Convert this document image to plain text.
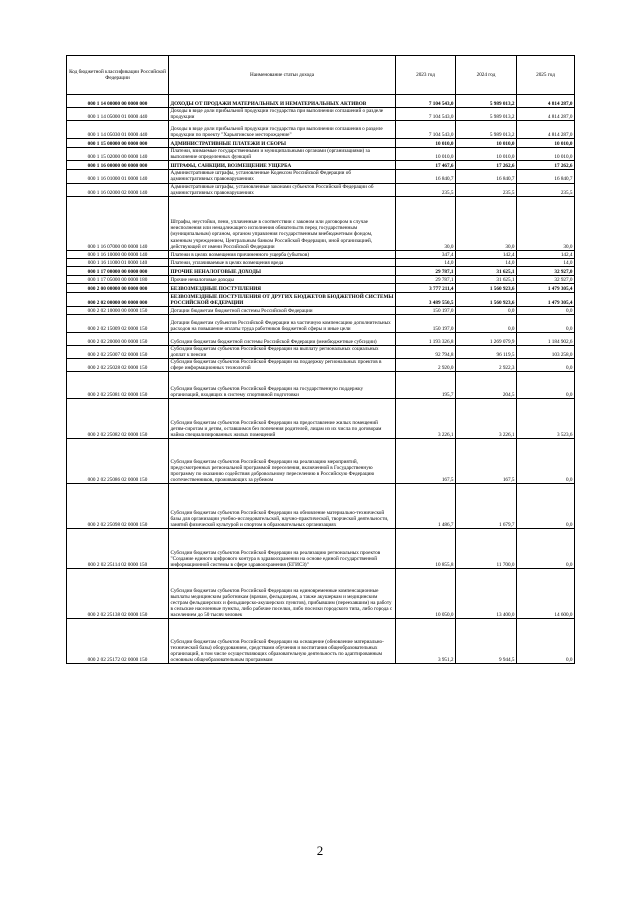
Код бюджетной классификации Российской Федерации	Наименование статьи дохода	2023 год	2024 год	2025 год
000 1 14 00000 00 0000 000	ДОХОДЫ ОТ ПРОДАЖИ МАТЕРИАЛЬНЫХ И НЕМАТЕРИАЛЬНЫХ АКТИВОВ	7 104 543,0	5 989 013,2	4 814 287,0
000 1 14 05000 01 0000 440	Доходы в виде доли прибыльной продукции государства при выполнении соглашений о разделе продукции	7 104 543,0	5 989 013,2	4 814 287,0
000 1 14 05030 01 0000 440	Доходы в виде доли прибыльной продукции государства при выполнении соглашения о разделе продукции по проекту "Харьягинское месторождение"	7 104 543,0	5 989 013,2	4 814 287,0
000 1 15 00000 00 0000 000	АДМИНИСТРАТИВНЫЕ ПЛАТЕЖИ И СБОРЫ	10 010,0	10 010,0	10 010,0
000 1 15 02000 00 0000 140	Платежи, взимаемые государственными и муниципальными органами (организациями) за выполнение определенных функций	10 010,0	10 010,0	10 010,0
000 1 16 00000 00 0000 000	ШТРАФЫ, САНКЦИИ, ВОЗМЕЩЕНИЕ УЩЕРБА	17 467,6	17 262,6	17 262,6
000 1 16 01000 01 0000 140	Административные штрафы, установленные Кодексом Российской Федерации об административных правонарушениях	16 840,7	16 840,7	16 840,7
000 1 16 02000 02 0000 140	Административные штрафы, установленные законами субъектов Российской Федерации об административных правонарушениях	235,5	235,5	235,5
000 1 16 07000 00 0000 140	Штрафы, неустойки, пени, уплаченные в соответствии с законом или договором в случае неисполнения или ненадлежащего исполнения обязательств перед государственным (муниципальным) органом, органом управления государственным внебюджетным фондом, казенным учреждением, Центральным банком Российской Федерации, иной организацией, действующей от имени Российской Федерации	30,0	30,0	30,0
000 1 16 10000 00 0000 140	Платежи в целях возмещения причиненного ущерба (убытков)	347,4	142,4	142,4
000 1 16 11000 01 0000 140	Платежи, уплачиваемые в целях возмещения вреда	14,0	14,0	14,0
000 1 17 00000 00 0000 000	ПРОЧИЕ НЕНАЛОГОВЫЕ ДОХОДЫ	29 787,1	31 625,1	32 927,0
000 1 17 05000 00 0000 180	Прочие неналоговые доходы	29 787,1	31 625,1	32 927,0
000 2 00 00000 00 0000 000	БЕЗВОЗМЕЗДНЫЕ ПОСТУПЛЕНИЯ	3 777 211,4	1 560 923,6	1 479 305,4
000 2 02 00000 00 0000 000	БЕЗВОЗМЕЗДНЫЕ ПОСТУПЛЕНИЯ ОТ ДРУГИХ БЮДЖЕТОВ БЮДЖЕТНОЙ СИСТЕМЫ РОССИЙСКОЙ ФЕДЕРАЦИИ	3 489 550,5	1 560 923,6	1 479 305,4
000 2 02 10000 00 0000 150	Дотации бюджетам бюджетной системы Российской Федерации	150 197,0	0,0	0,0
000 2 02 15009 02 0000 150	Дотации бюджетам субъектов Российской Федерации на частичную компенсацию дополнительных расходов на повышение оплаты труда работников бюджетной сферы и иные цели	150 197,0	0,0	0,0
000 2 02 20000 00 0000 150	Субсидии бюджетам бюджетной системы Российской Федерации (межбюджетные субсидии)	1 193 326,8	1 269 079,9	1 184 902,6
000 2 02 25007 02 0000 150	Субсидии бюджетам субъектов Российской Федерации на выплату региональных социальных доплат к пенсии	92 794,8	96 119,5	103 258,0
000 2 02 25028 02 0000 150	Субсидии бюджетам субъектов Российской Федерации на поддержку региональных проектов в сфере информационных технологий	2 920,0	2 922,3	0,0
000 2 02 25081 02 0000 150	Субсидии бюджетам субъектов Российской Федерации на государственную поддержку организаций, входящих в систему спортивной подготовки	195,7	204,5	0,0
000 2 02 25082 02 0000 150	Субсидии бюджетам субъектов Российской Федерации на предоставление жилых помещений детям-сиротам и детям, оставшимся без попечения родителей, лицам из их числа по договорам найма специализированных жилых помещений	3 226,1	3 226,1	3 523,6
000 2 02 25086 02 0000 150	Субсидии бюджетам субъектов Российской Федерации на реализацию мероприятий, предусмотренных региональной программой переселения, включенной в Государственную программу по оказанию содействия добровольному переселению в Российскую Федерацию соотечественников, проживающих за рубежом	167,5	167,5	0,0
000 2 02 25098 02 0000 150	Субсидии бюджетам субъектов Российской Федерации на обновление материально-технической базы для организации учебно-исследовательской, научно-практической, творческой деятельности, занятий физической культурой и спортом в образовательных организациях	1 486,7	1 679,7	0,0
000 2 02 25114 02 0000 150	Субсидии бюджетам субъектов Российской Федерации на реализацию региональных проектов "Создание единого цифрового контура в здравоохранении на основе единой государственной информационной системы в сфере здравоохранения (ЕГИСЗ)"	10 855,8	11 700,0	0,0
000 2 02 25138 02 0000 150	Субсидии бюджетам субъектов Российской Федерации на единовременные компенсационные выплаты медицинским работникам (врачам, фельдшерам, а также акушеркам и медицинским сестрам фельдшерских и фельдшерско-акушерских пунктов), прибывшим (переехавшим) на работу в сельские населенные пункты, либо рабочие поселки, либо поселки городского типа, либо города с населением до 50 тысяч человек	10 050,0	13 400,0	14 600,0
000 2 02 25172 02 0000 150	Субсидии бюджетам субъектов Российской Федерации на оснащение (обновление материально-технической базы) оборудованием, средствами обучения и воспитания общеобразовательных организаций, в том числе осуществляющих образовательную деятельность по адаптированным основным общеобразовательным программам	3 951,2	9 944,5	0,0
2
